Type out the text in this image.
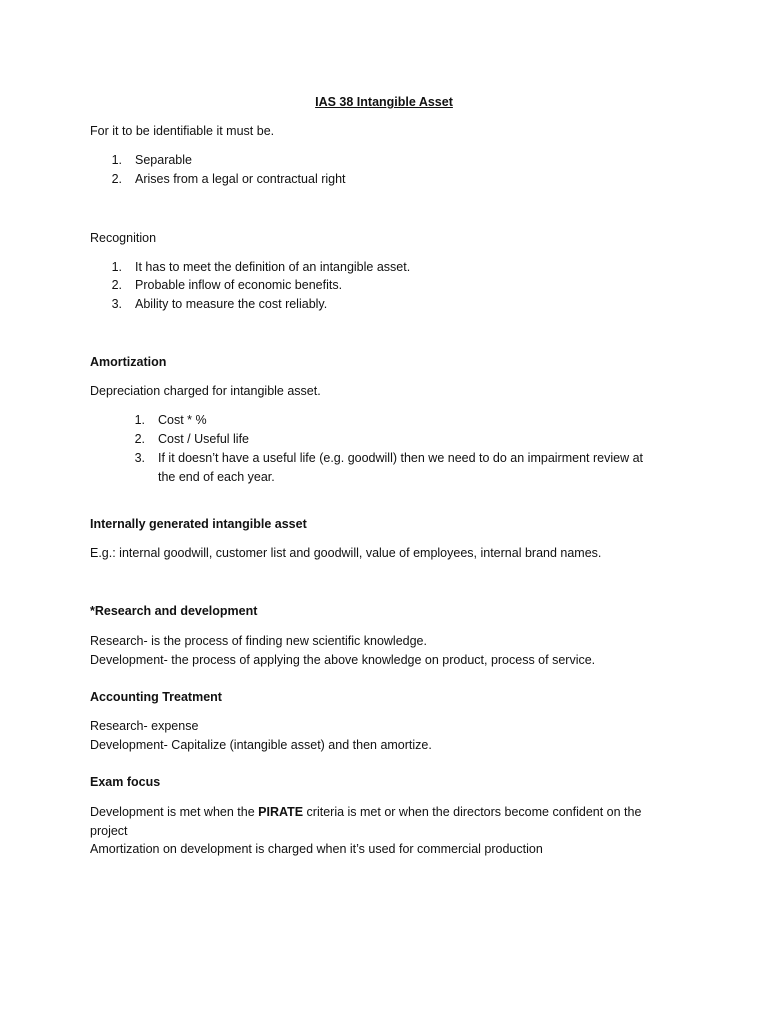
IAS 38 Intangible Asset
For it to be identifiable it must be.
1. Separable
2. Arises from a legal or contractual right
Recognition
1. It has to meet the definition of an intangible asset.
2. Probable inflow of economic benefits.
3. Ability to measure the cost reliably.
Amortization
Depreciation charged for intangible asset.
1. Cost * %
2. Cost / Useful life
3. If it doesn’t have a useful life (e.g. goodwill) then we need to do an impairment review at
the end of each year.
Internally generated intangible asset
E.g.: internal goodwill, customer list and goodwill, value of employees, internal brand names.
*Research and development
Research- is the process of finding new scientific knowledge.
Development- the process of applying the above knowledge on product, process of service.
Accounting Treatment
Research- expense
Development- Capitalize (intangible asset) and then amortize.
Exam focus
Development is met when the PIRATE criteria is met or when the directors become confident on the
project
Amortization on development is charged when it’s used for commercial production
